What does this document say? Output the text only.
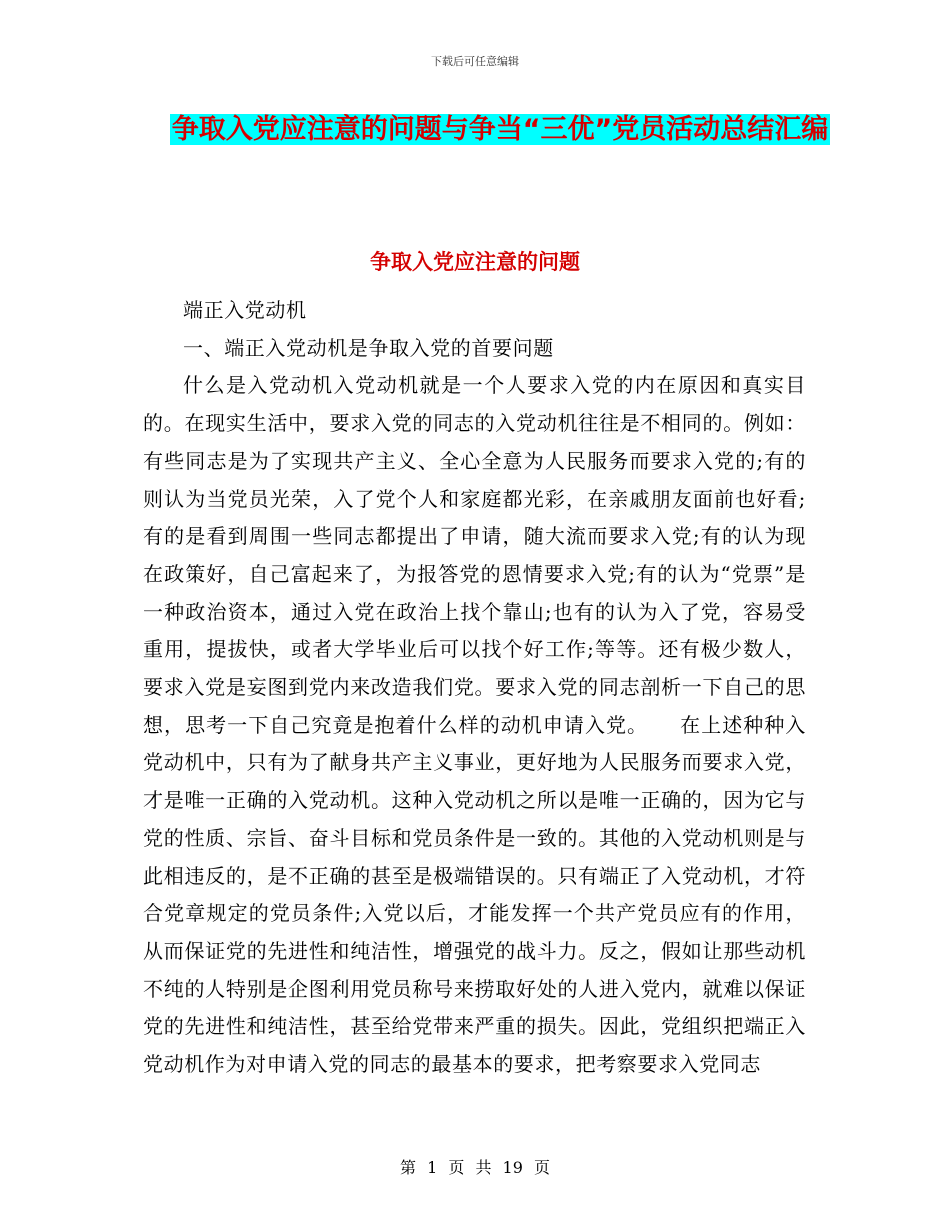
下载后可任意编辑
争取入党应注意的问题与争当“三优”党员活动总结汇编
争取入党应注意的问题

端正入党动机

一、端正入党动机是争取入党的首要问题

什么是入党动机入党动机就是一个人要求入党的内在原因和真实目的。在现实生活中，要求入党的同志的入党动机往往是不相同的。例如：有些同志是为了实现共产主义、全心全意为人民服务而要求入党的;有的则认为当党员光荣，入了党个人和家庭都光彩，在亲戚朋友面前也好看;有的是看到周围一些同志都提出了申请，随大流而要求入党;有的认为现在政策好，自己富起来了，为报答党的恩情要求入党;有的认为“党票”是一种政治资本，通过入党在政治上找个靠山;也有的认为入了党，容易受重用，提拔快，或者大学毕业后可以找个好工作;等等。还有极少数人，要求入党是妄图到党内来改造我们党。要求入党的同志剖析一下自己的思想，思考一下自己究竟是抱着什么样的动机申请入党。　　在上述种种入党动机中，只有为了献身共产主义事业，更好地为人民服务而要求入党，才是唯一正确的入党动机。这种入党动机之所以是唯一正确的，因为它与党的性质、宗旨、奋斗目标和党员条件是一致的。其他的入党动机则是与此相违反的，是不正确的甚至是极端错误的。只有端正了入党动机，才符合党章规定的党员条件;入党以后，才能发挥一个共产党员应有的作用，从而保证党的先进性和纯洁性，增强党的战斗力。反之，假如让那些动机不纯的人特别是企图利用党员称号来捞取好处的人进入党内，就难以保证党的先进性和纯洁性，甚至给党带来严重的损失。因此，党组织把端正入党动机作为对申请入党的同志的最基本的要求，把考察要求入党同志

第 1 页 共 19 页
